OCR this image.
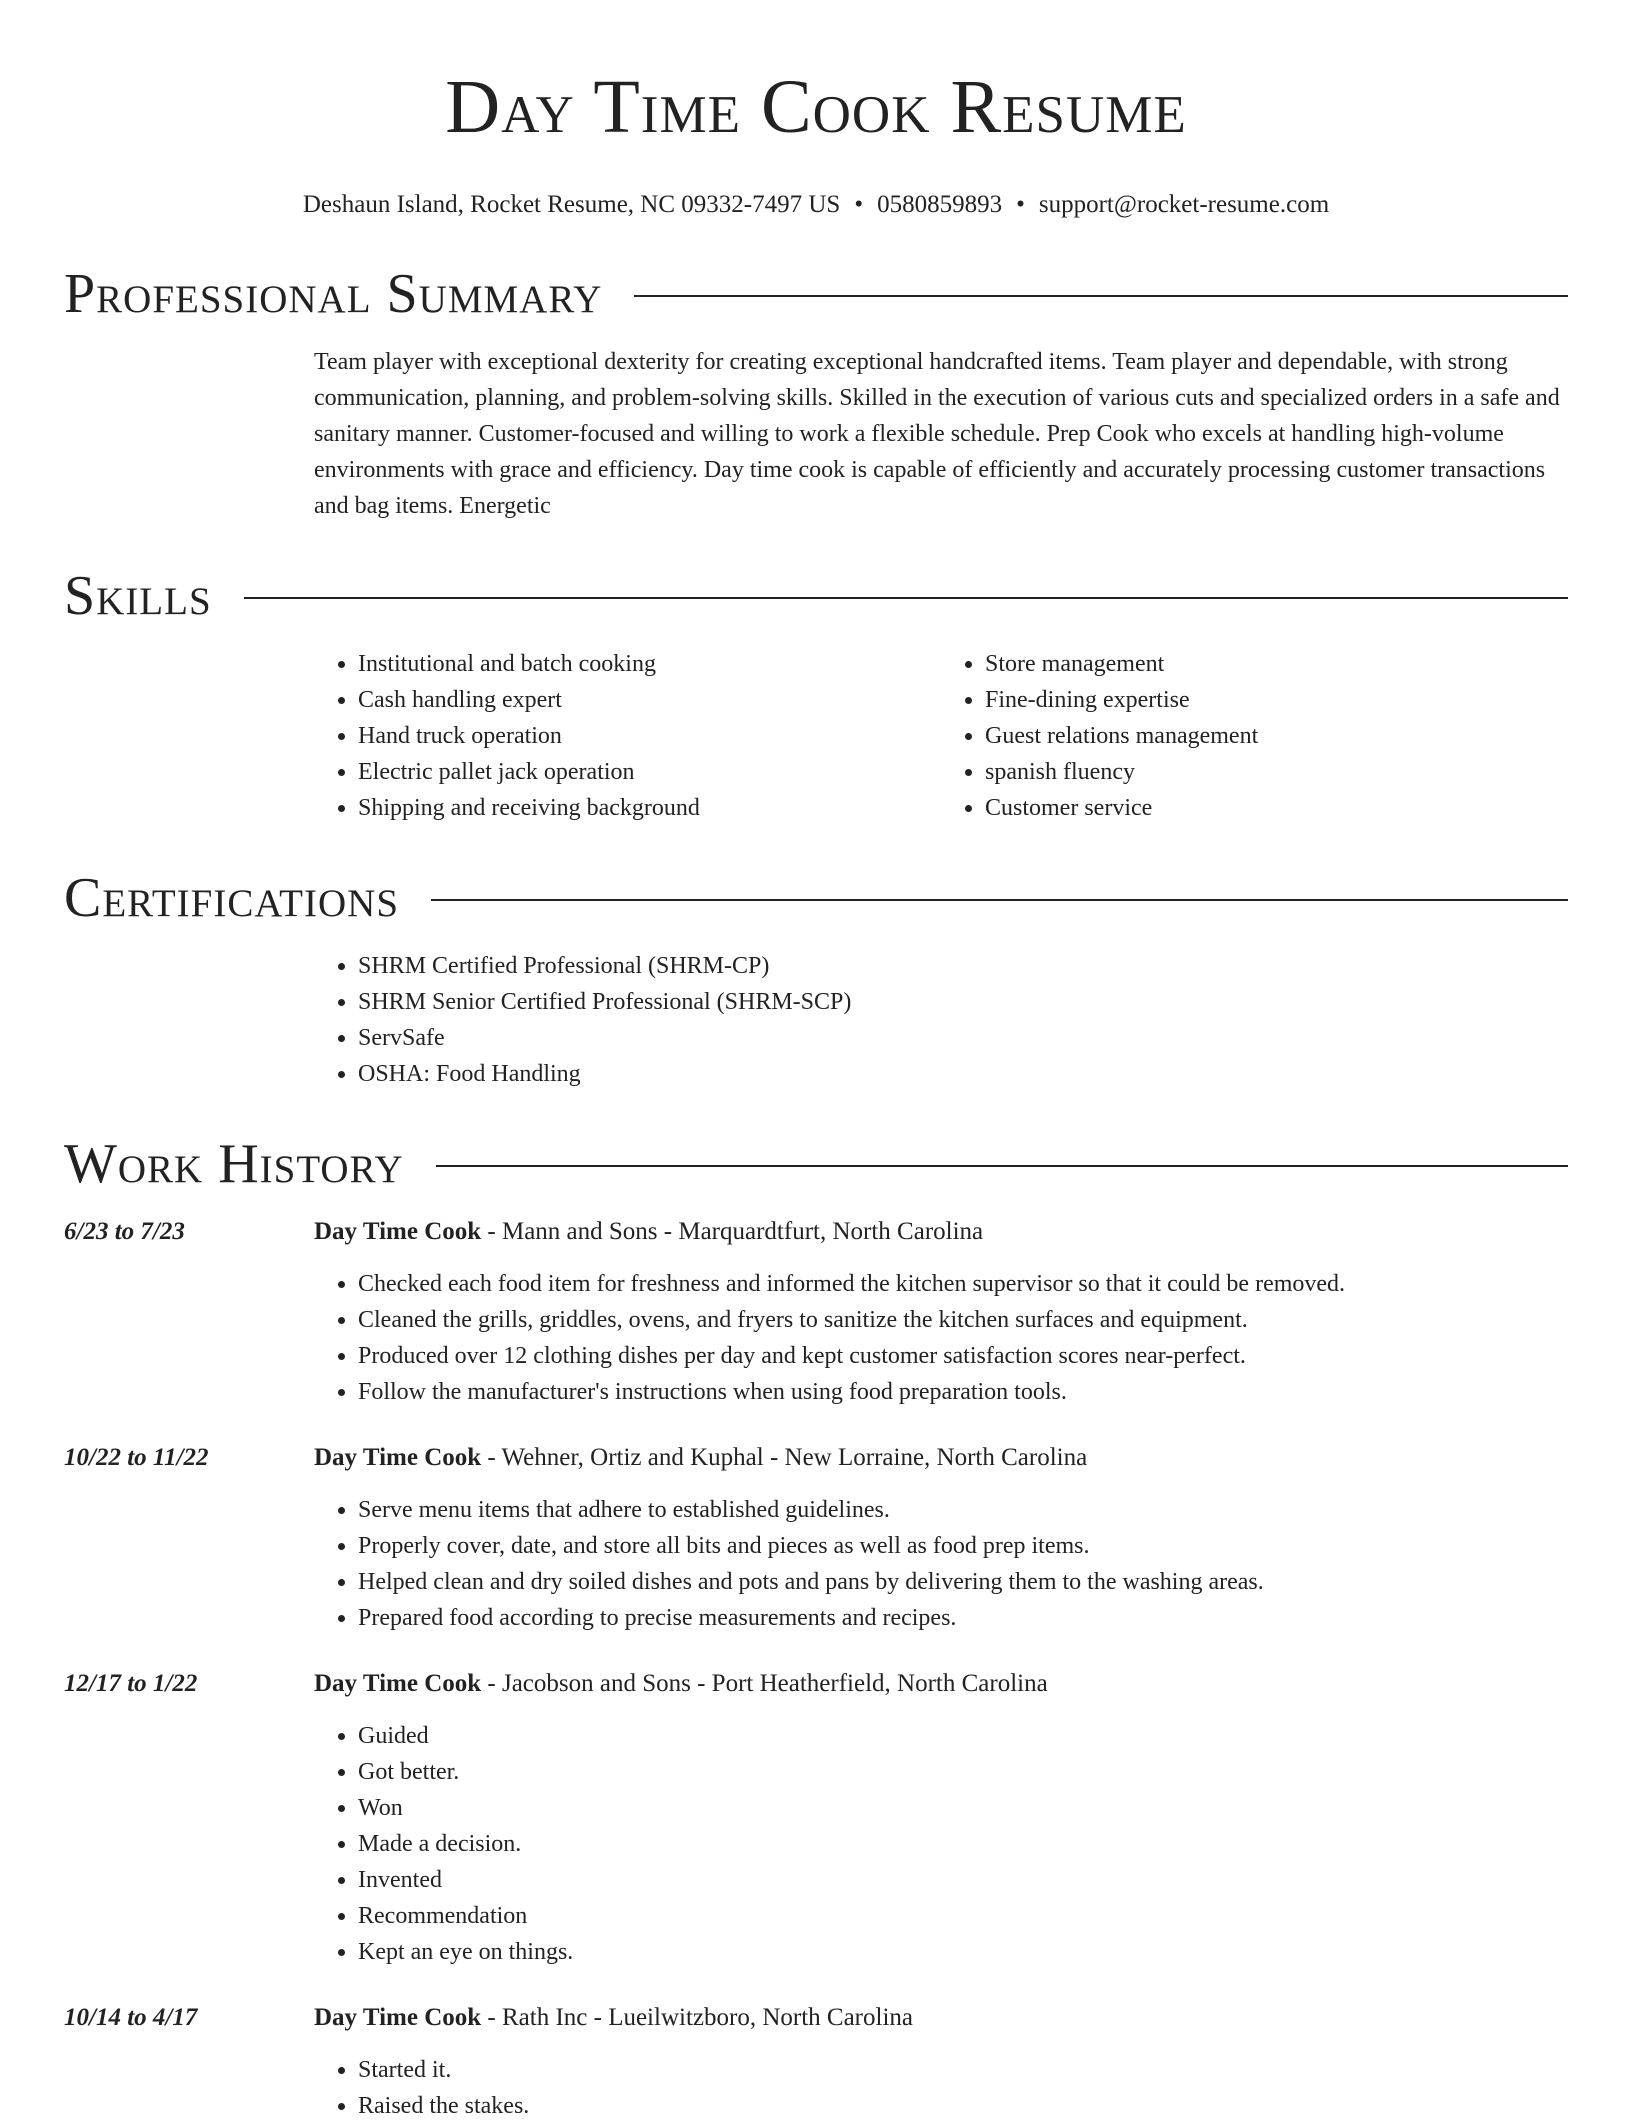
Day Time Cook Resume
Deshaun Island, Rocket Resume, NC 09332-7497 US • 0580859893 • support@rocket-resume.com
Professional Summary
Team player with exceptional dexterity for creating exceptional handcrafted items. Team player and dependable, with strong communication, planning, and problem-solving skills. Skilled in the execution of various cuts and specialized orders in a safe and sanitary manner. Customer-focused and willing to work a flexible schedule. Prep Cook who excels at handling high-volume environments with grace and efficiency. Day time cook is capable of efficiently and accurately processing customer transactions and bag items. Energetic
Skills
• Institutional and batch cooking
• Cash handling expert
• Hand truck operation
• Electric pallet jack operation
• Shipping and receiving background
• Store management
• Fine-dining expertise
• Guest relations management
• spanish fluency
• Customer service
Certifications
• SHRM Certified Professional (SHRM-CP)
• SHRM Senior Certified Professional (SHRM-SCP)
• ServSafe
• OSHA: Food Handling
Work History
6/23 to 7/23	Day Time Cook - Mann and Sons - Marquardtfurt, North Carolina
• Checked each food item for freshness and informed the kitchen supervisor so that it could be removed.
• Cleaned the grills, griddles, ovens, and fryers to sanitize the kitchen surfaces and equipment.
• Produced over 12 clothing dishes per day and kept customer satisfaction scores near-perfect.
• Follow the manufacturer's instructions when using food preparation tools.
10/22 to 11/22	Day Time Cook - Wehner, Ortiz and Kuphal - New Lorraine, North Carolina
• Serve menu items that adhere to established guidelines.
• Properly cover, date, and store all bits and pieces as well as food prep items.
• Helped clean and dry soiled dishes and pots and pans by delivering them to the washing areas.
• Prepared food according to precise measurements and recipes.
12/17 to 1/22	Day Time Cook - Jacobson and Sons - Port Heatherfield, North Carolina
• Guided
• Got better.
• Won
• Made a decision.
• Invented
• Recommendation
• Kept an eye on things.
10/14 to 4/17	Day Time Cook - Rath Inc - Lueilwitzboro, North Carolina
• Started it.
• Raised the stakes.
